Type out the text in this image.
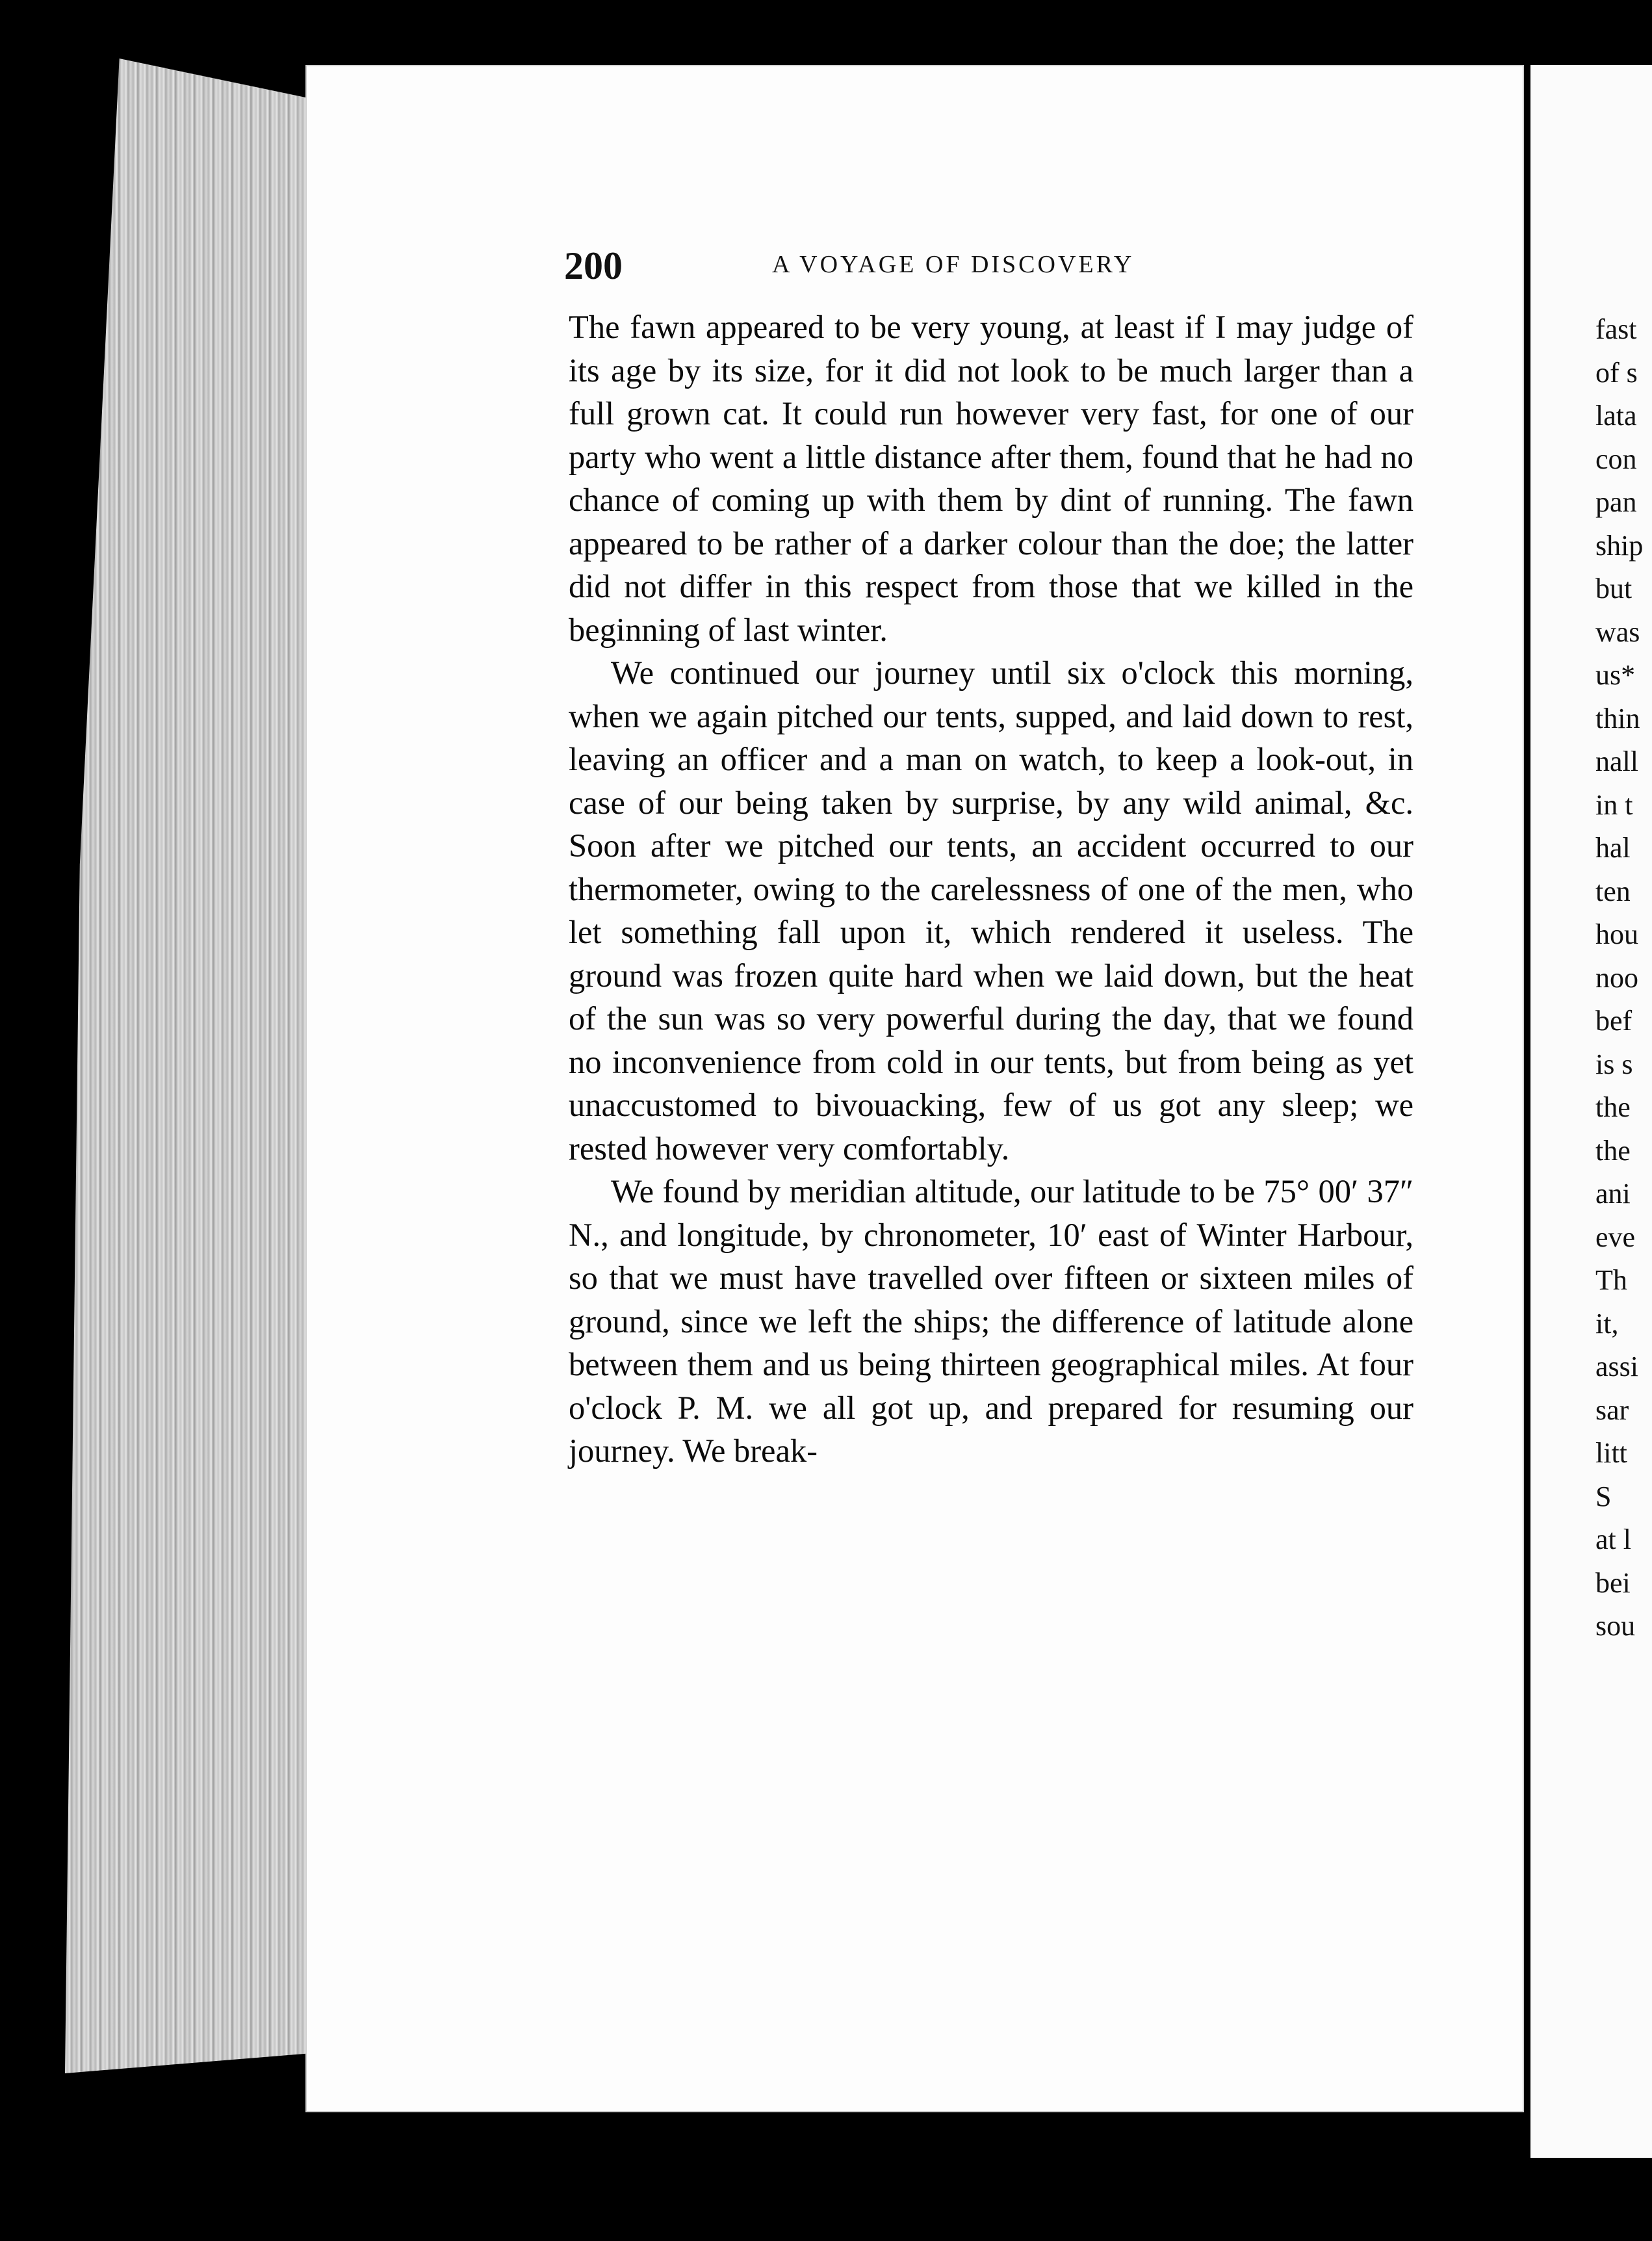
fast
of s
lata
con
pan
ship
but
was
us*
thin
nall
in t
hal
ten
hou
noo
bef
is s
the
the
ani
eve
Th
it,
assi
sar
litt
S
at l
bei
sou
200	A VOYAGE OF DISCOVERY

The fawn appeared to be very young, at least if I may judge of its age by its size, for it did not look to be much larger than a full grown cat. It could run however very fast, for one of our party who went a little distance after them, found that he had no chance of coming up with them by dint of running. The fawn appeared to be rather of a darker colour than the doe; the latter did not differ in this respect from those that we killed in the beginning of last winter.

We continued our journey until six o'clock this morning, when we again pitched our tents, supped, and laid down to rest, leaving an officer and a man on watch, to keep a look-out, in case of our being taken by surprise, by any wild animal, &c. Soon after we pitched our tents, an accident occurred to our thermometer, owing to the carelessness of one of the men, who let something fall upon it, which rendered it useless. The ground was frozen quite hard when we laid down, but the heat of the sun was so very powerful during the day, that we found no inconvenience from cold in our tents, but from being as yet unaccustomed to bivouacking, few of us got any sleep; we rested however very comfortably.

We found by meridian altitude, our latitude to be 75° 00′ 37″ N., and longitude, by chronometer, 10′ east of Winter Harbour, so that we must have travelled over fifteen or sixteen miles of ground, since we left the ships; the difference of latitude alone between them and us being thirteen geographical miles. At four o'clock P. M. we all got up, and prepared for resuming our journey. We break-
